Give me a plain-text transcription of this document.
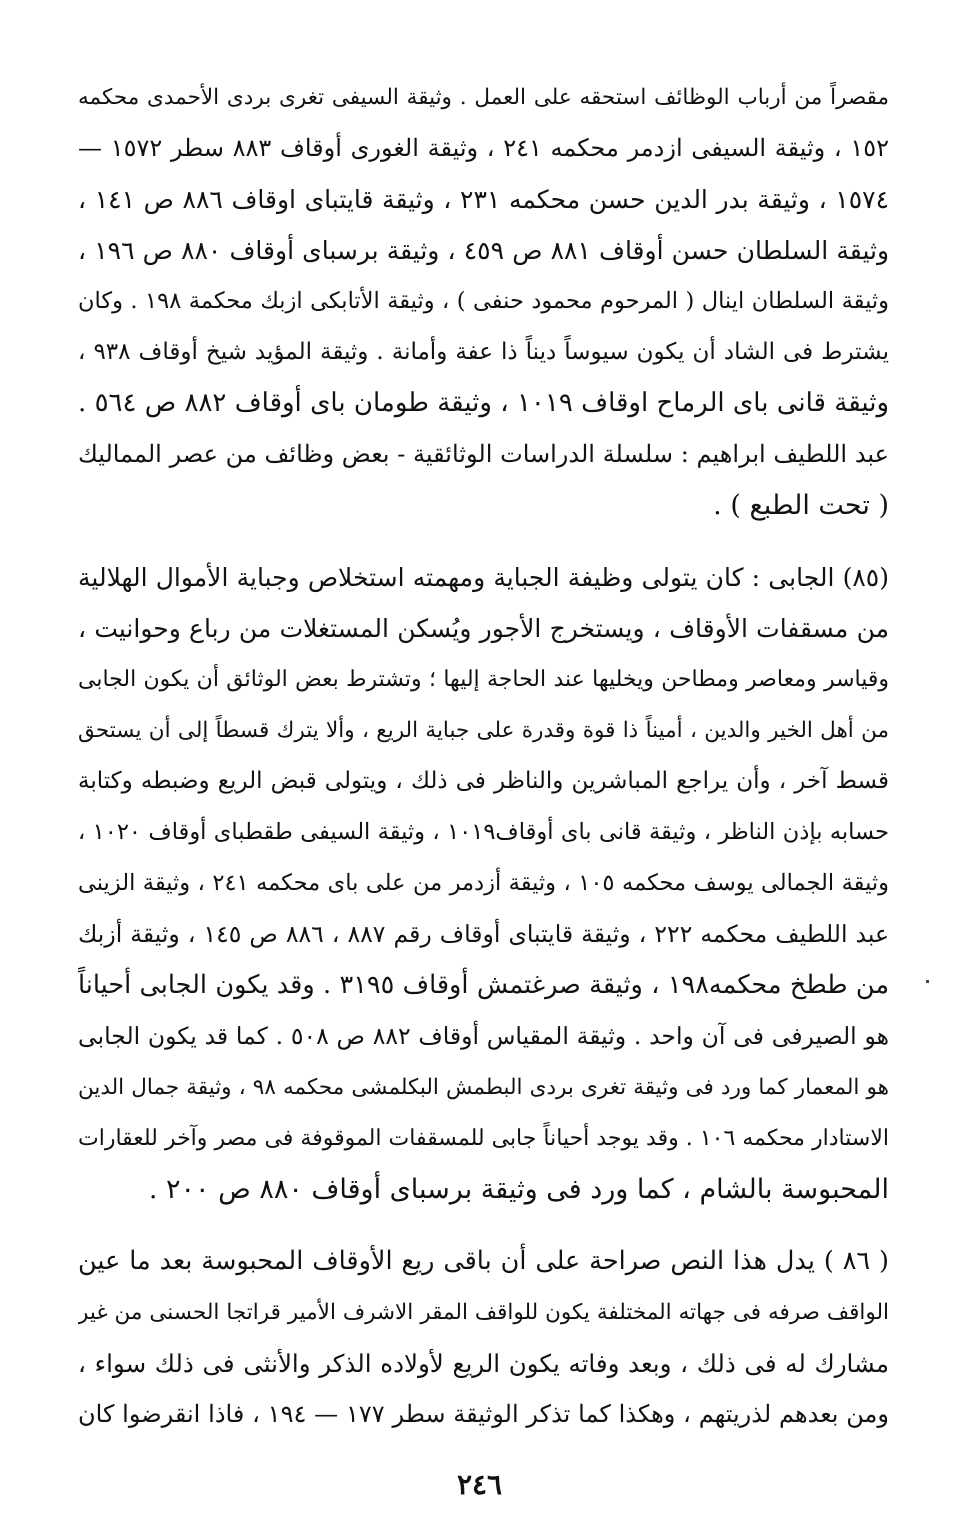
مقصراً من أرباب الوظائف استحقه على العمل . وثيقة السيفى تغرى بردى الأحمدى محكمه
١٥٢ ، وثيقة السيفى ازدمر محكمه ٢٤١ ، وثيقة الغورى أوقاف ٨٨٣ سطر ١٥٧٢ —
١٥٧٤ ، وثيقة بدر الدين حسن محكمه ٢٣١ ، وثيقة قايتباى اوقاف ٨٨٦ ص ١٤١ ،
وثيقة السلطان حسن أوقاف ٨٨١ ص ٤٥٩ ، وثيقة برسباى أوقاف ٨٨٠ ص ١٩٦ ،
وثيقة السلطان اينال ( المرحوم محمود حنفى ) ، وثيقة الأتابكى ازبك محكمة ١٩٨ . وكان
يشترط فى الشاد أن يكون سيوساً ديناً ذا عفة وأمانة . وثيقة المؤيد شيخ أوقاف ٩٣٨ ،
وثيقة قانى باى الرماح اوقاف ١٠١٩ ، وثيقة طومان باى أوقاف ٨٨٢ ص ٥٦٤ .
عبد اللطيف ابراهيم : سلسلة الدراسات الوثائقية - بعض وظائف من عصر المماليك
( تحت الطبع ) .
(٨٥) الجابى : كان يتولى وظيفة الجباية ومهمته استخلاص وجباية الأموال الهلالية
من مسقفات الأوقاف ، ويستخرج الأجور ويُسكن المستغلات من رباع وحوانيت ،
وقياسر ومعاصر ومطاحن ويخليها عند الحاجة إليها ؛ وتشترط بعض الوثائق أن يكون الجابى
من أهل الخير والدين ، أميناً ذا قوة وقدرة على جباية الريع ، وألا يترك قسطاً إلى أن يستحق
قسط آخر ، وأن يراجع المباشرين والناظر فى ذلك ، ويتولى قبض الريع وضبطه وكتابة
حسابه بإذن الناظر ، وثيقة قانى باى أوقاف١٠١٩ ، وثيقة السيفى طقطباى أوقاف ١٠٢٠ ،
وثيقة الجمالى يوسف محكمه ١٠٥ ، وثيقة أزدمر من على باى محكمه ٢٤١ ، وثيقة الزينى
عبد اللطيف محكمه ٢٢٢ ، وثيقة قايتباى أوقاف رقم ٨٨٧ ، ٨٨٦ ص ١٤٥ ، وثيقة أزبك
من ططخ محكمه١٩٨ ، وثيقة صرغتمش أوقاف ٣١٩٥ . وقد يكون الجابى أحياناً
هو الصيرفى فى آن واحد . وثيقة المقياس أوقاف ٨٨٢ ص ٥٠٨ . كما قد يكون الجابى
هو المعمار كما ورد فى وثيقة تغرى بردى البطمش البكلمشى محكمه ٩٨ ، وثيقة جمال الدين
الاستادار محكمه ١٠٦ . وقد يوجد أحياناً جابى للمسقفات الموقوفة فى مصر وآخر للعقارات
المحبوسة بالشام ، كما ورد فى وثيقة برسباى أوقاف ٨٨٠ ص ٢٠٠ .
( ٨٦ ) يدل هذا النص صراحة على أن باقى ريع الأوقاف المحبوسة بعد ما عين
الواقف صرفه فى جهاته المختلفة يكون للواقف المقر الاشرف الأمير قراتجا الحسنى من غير
مشارك له فى ذلك ، وبعد وفاته يكون الريع لأولاده الذكر والأنثى فى ذلك سواء ،
ومن بعدهم لذريتهم ، وهكذا كما تذكر الوثيقة سطر ١٧٧ — ١٩٤ ، فاذا انقرضوا كان
٢٤٦
